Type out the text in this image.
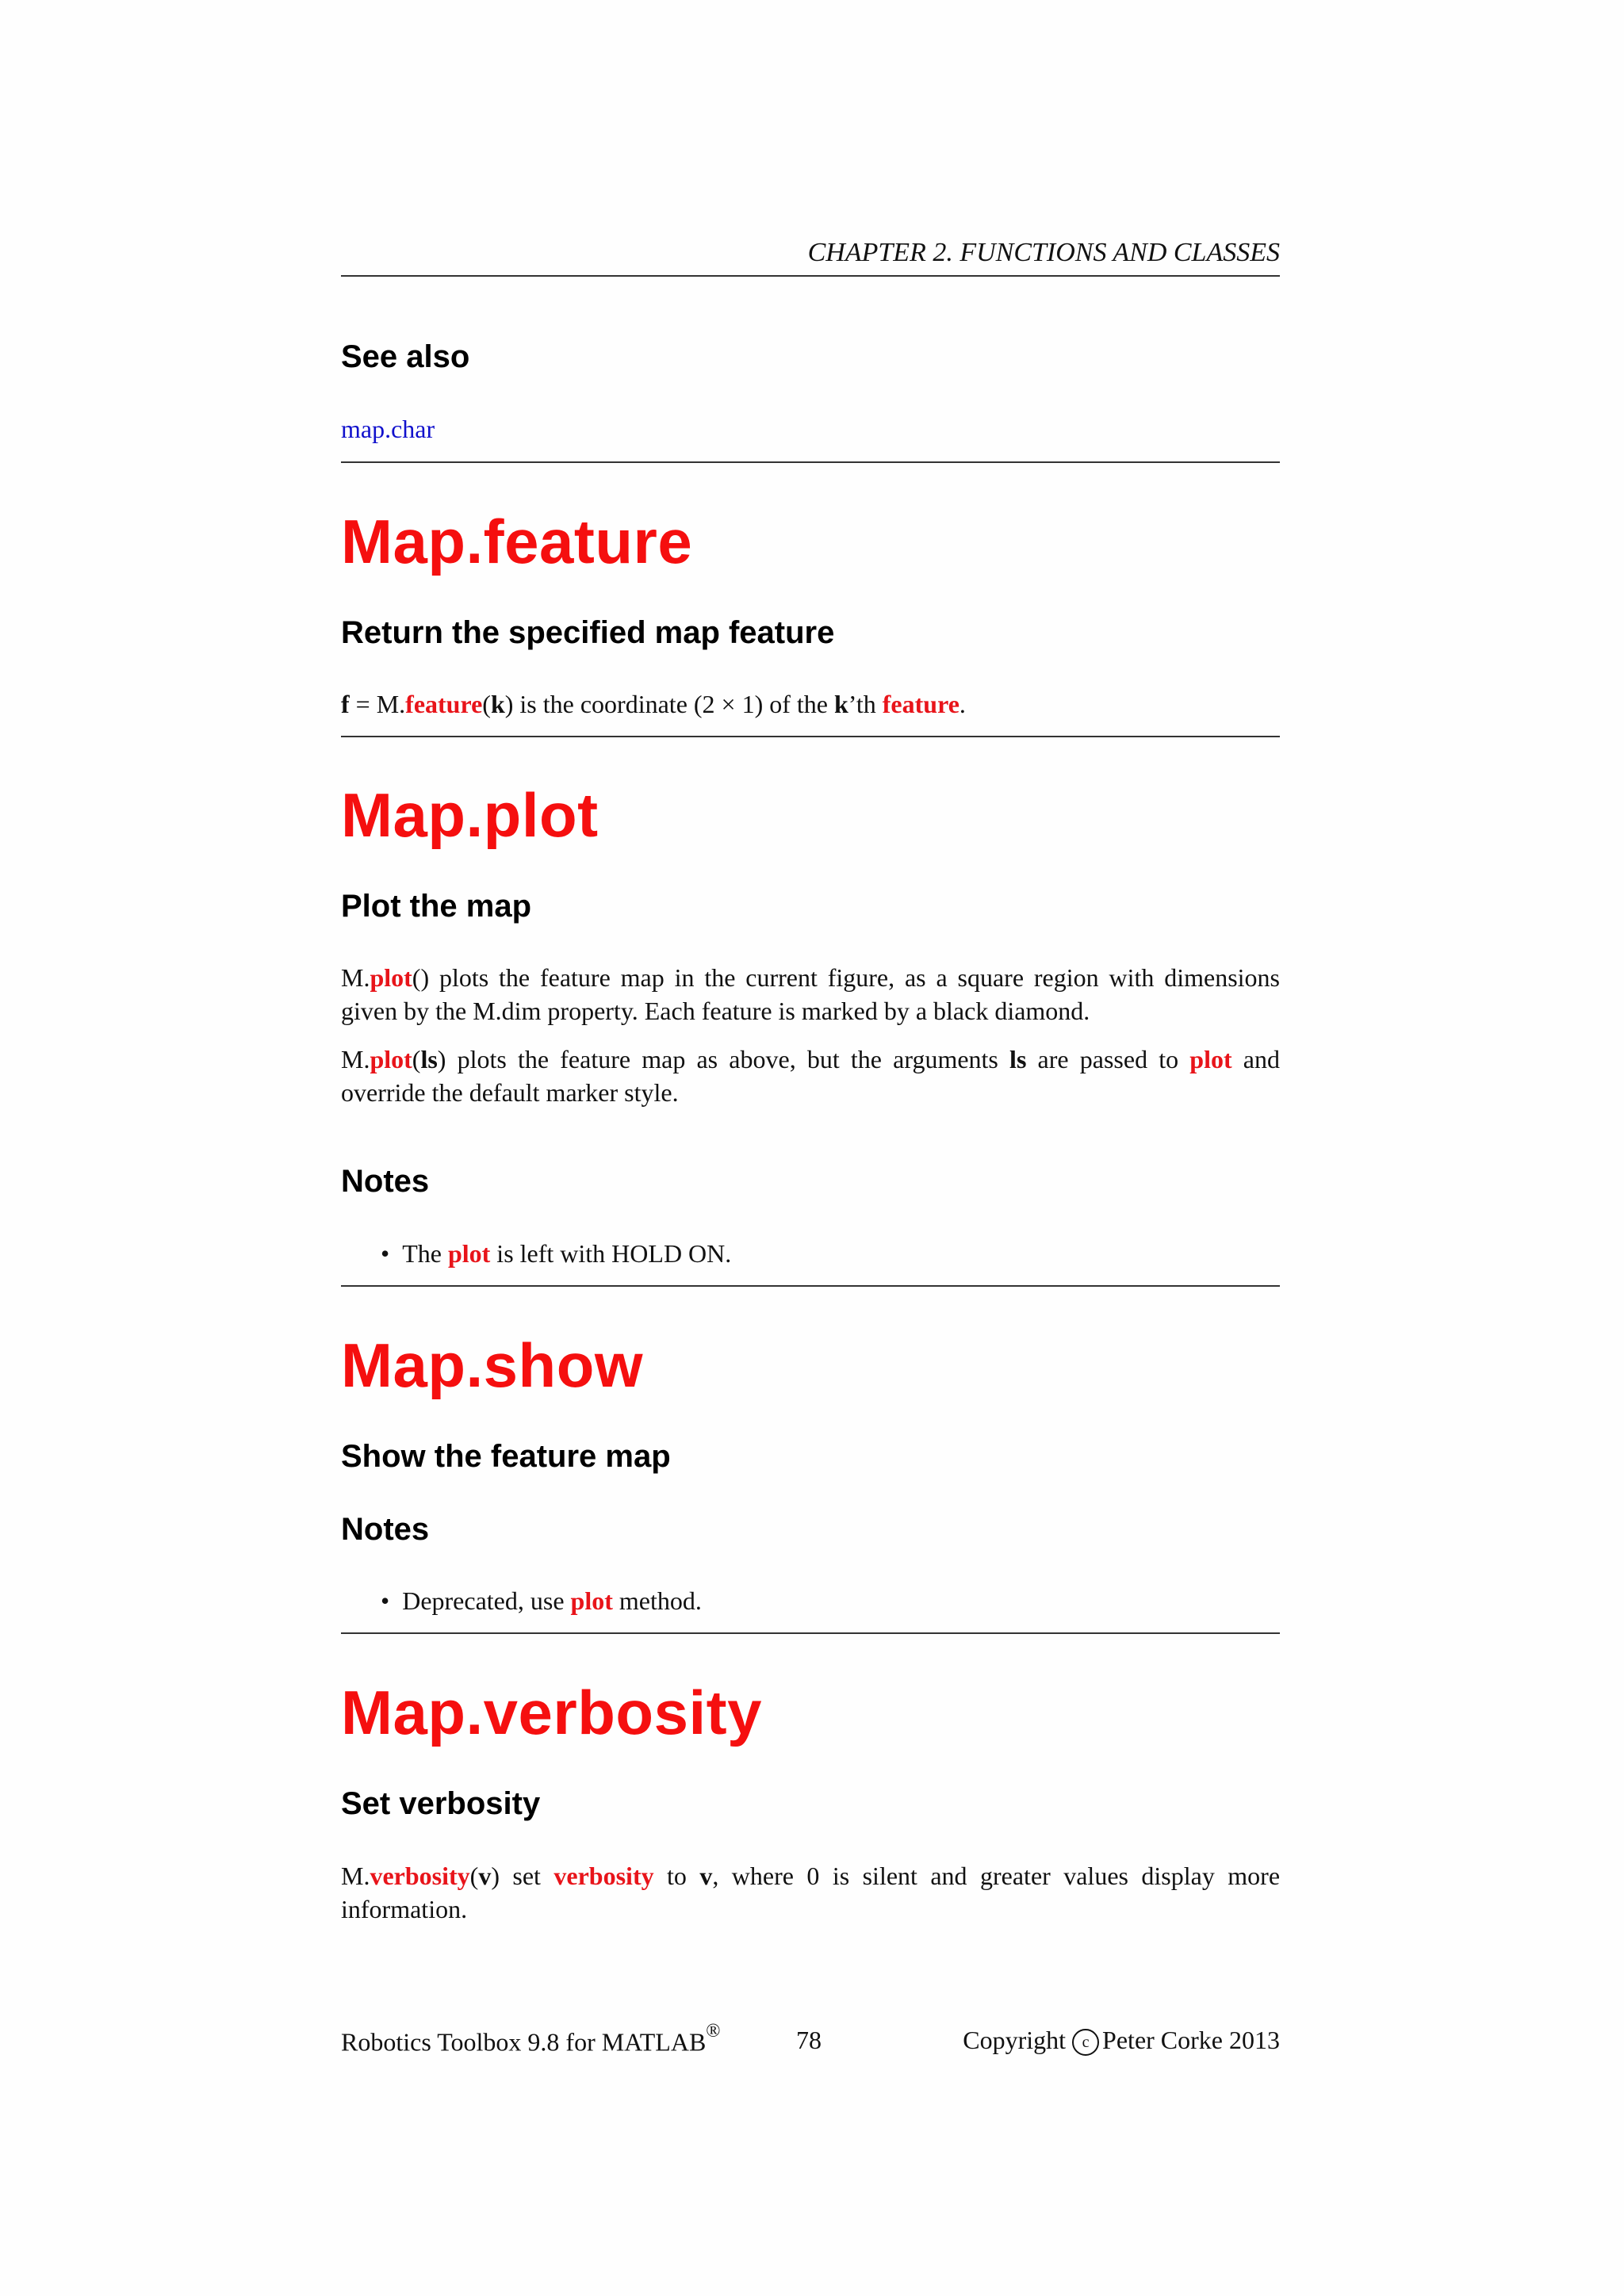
CHAPTER 2. FUNCTIONS AND CLASSES
See also
map.char
Map.feature
Return the specified map feature
f = M.feature(k) is the coordinate (2 × 1) of the k’th feature.
Map.plot
Plot the map
M.plot() plots the feature map in the current figure, as a square region with dimensions given by the M.dim property. Each feature is marked by a black diamond.
M.plot(ls) plots the feature map as above, but the arguments ls are passed to plot and override the default marker style.
Notes
• The plot is left with HOLD ON.
Map.show
Show the feature map
Notes
• Deprecated, use plot method.
Map.verbosity
Set verbosity
M.verbosity(v) set verbosity to v, where 0 is silent and greater values display more information.
Robotics Toolbox 9.8 for MATLAB®	78	Copyright c Peter Corke 2013
